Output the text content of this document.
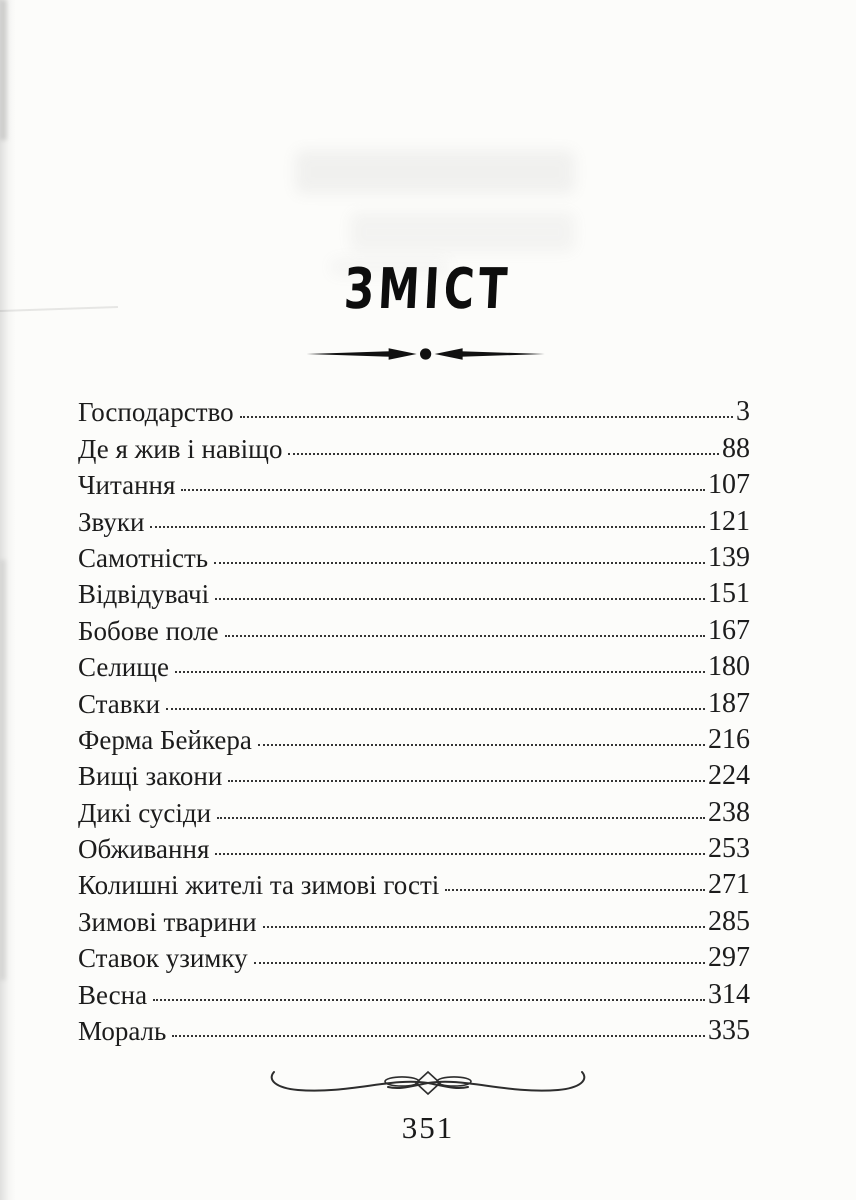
ЗМІСТ
Господарство	3
Де я жив і навіщо	88
Читання	107
Звуки	121
Самотність	139
Відвідувачі	151
Бобове поле	167
Селище	180
Ставки	187
Ферма Бейкера	216
Вищі закони	224
Дикі сусіди	238
Обживання	253
Колишні жителі та зимові гості	271
Зимові тварини	285
Ставок узимку	297
Весна	314
Мораль	335
351
